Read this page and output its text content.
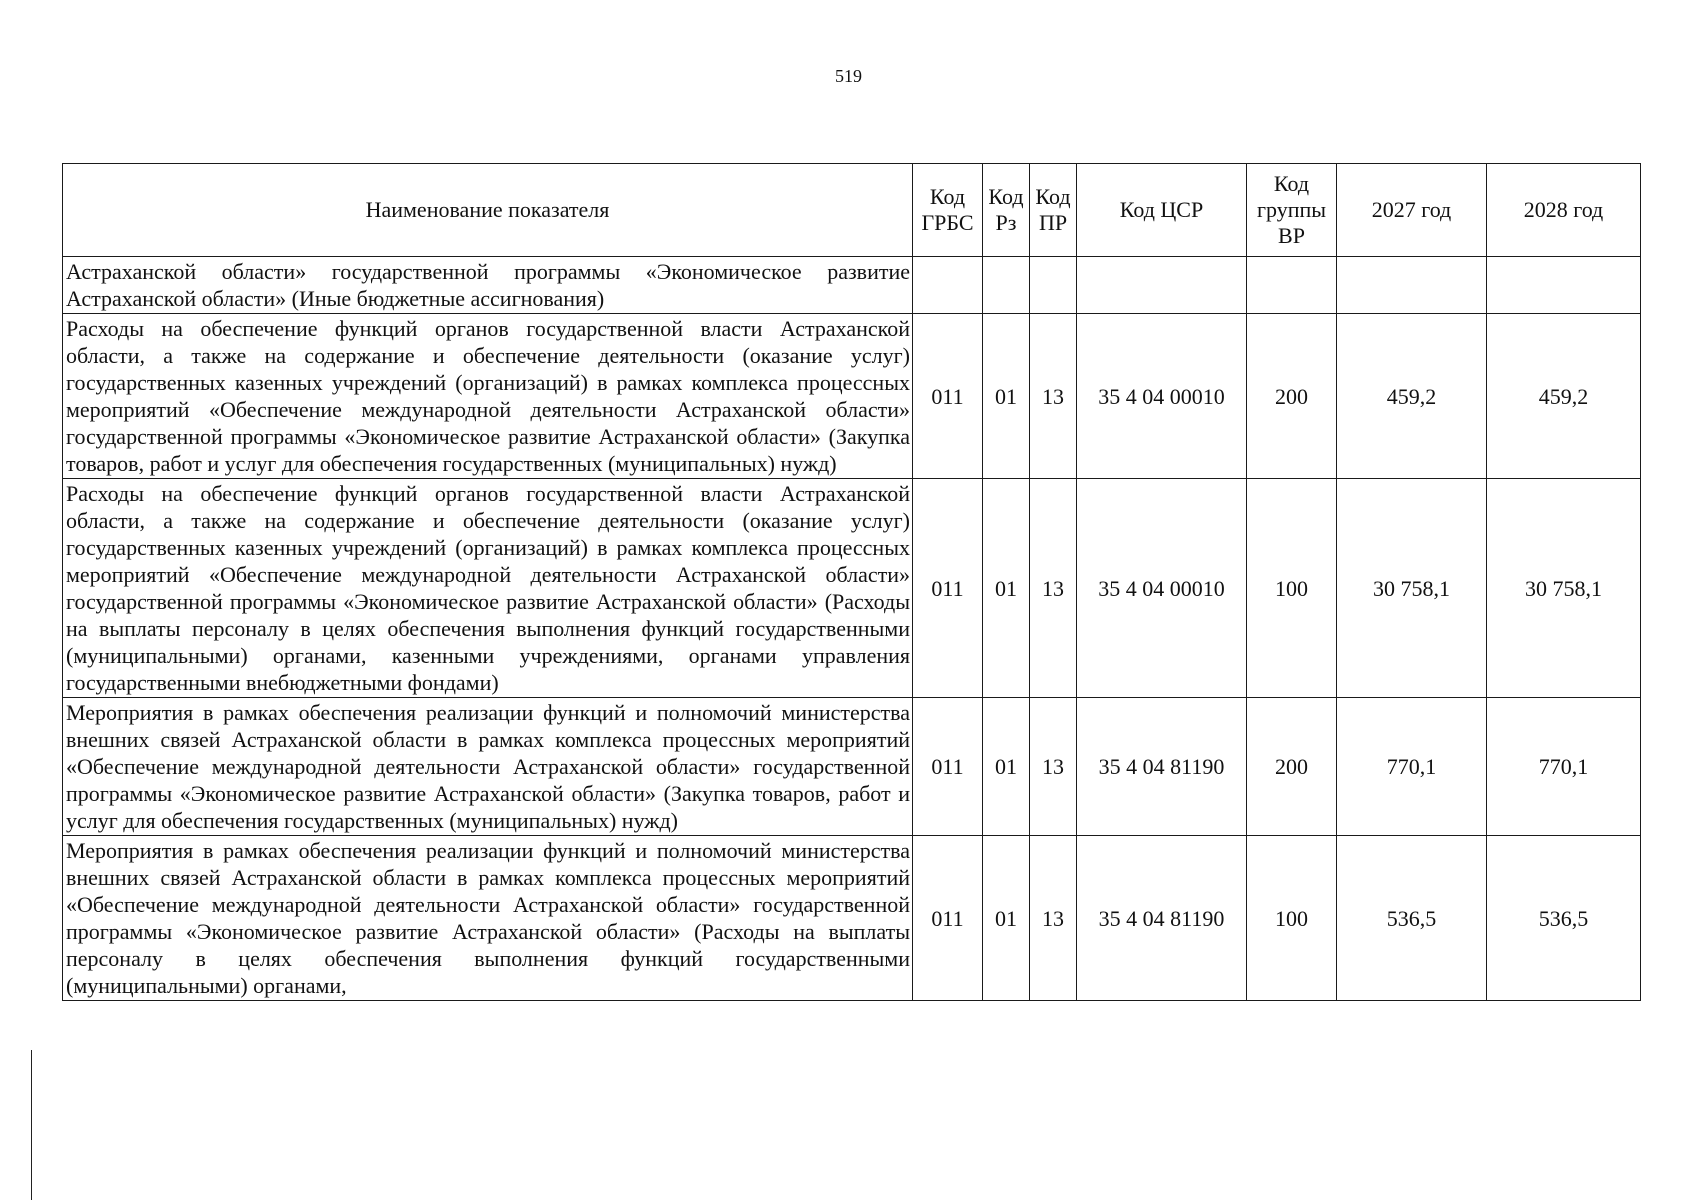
519
Наименование показателя	Код ГРБС	Код Рз	Код ПР	Код ЦСР	Код группы ВР	2027 год	2028 год

Астраханской области» государственной программы «Экономическое развитие Астраханской области» (Иные бюджетные ассигнования)							

Расходы на обеспечение функций органов государственной власти Астраханской области, а также на содержание и обеспечение деятельности (оказание услуг) государственных казенных учреждений (организаций) в рамках комплекса процессных мероприятий «Обеспечение международной деятельности Астраханской области» государственной программы «Экономическое развитие Астраханской области» (Закупка товаров, работ и услуг для обеспечения государственных (муниципальных) нужд)	011	01	13	35 4 04 00010	200	459,2	459,2

Расходы на обеспечение функций органов государственной власти Астраханской области, а также на содержание и обеспечение деятельности (оказание услуг) государственных казенных учреждений (организаций) в рамках комплекса процессных мероприятий «Обеспечение международной деятельности Астраханской области» государственной программы «Экономическое развитие Астраханской области» (Расходы на выплаты персоналу в целях обеспечения выполнения функций государственными (муниципальными) органами, казенными учреждениями, органами управления государственными внебюджетными фондами)	011	01	13	35 4 04 00010	100	30 758,1	30 758,1

Мероприятия в рамках обеспечения реализации функций и полномочий министерства внешних связей Астраханской области в рамках комплекса процессных мероприятий «Обеспечение международной деятельности Астраханской области» государственной программы «Экономическое развитие Астраханской области» (Закупка товаров, работ и услуг для обеспечения государственных (муниципальных) нужд)	011	01	13	35 4 04 81190	200	770,1	770,1

Мероприятия в рамках обеспечения реализации функций и полномочий министерства внешних связей Астраханской области в рамках комплекса процессных мероприятий «Обеспечение международной деятельности Астраханской области» государственной программы «Экономическое развитие Астраханской области» (Расходы на выплаты персоналу в целях обеспечения выполнения функций государственными (муниципальными) органами,	011	01	13	35 4 04 81190	100	536,5	536,5
